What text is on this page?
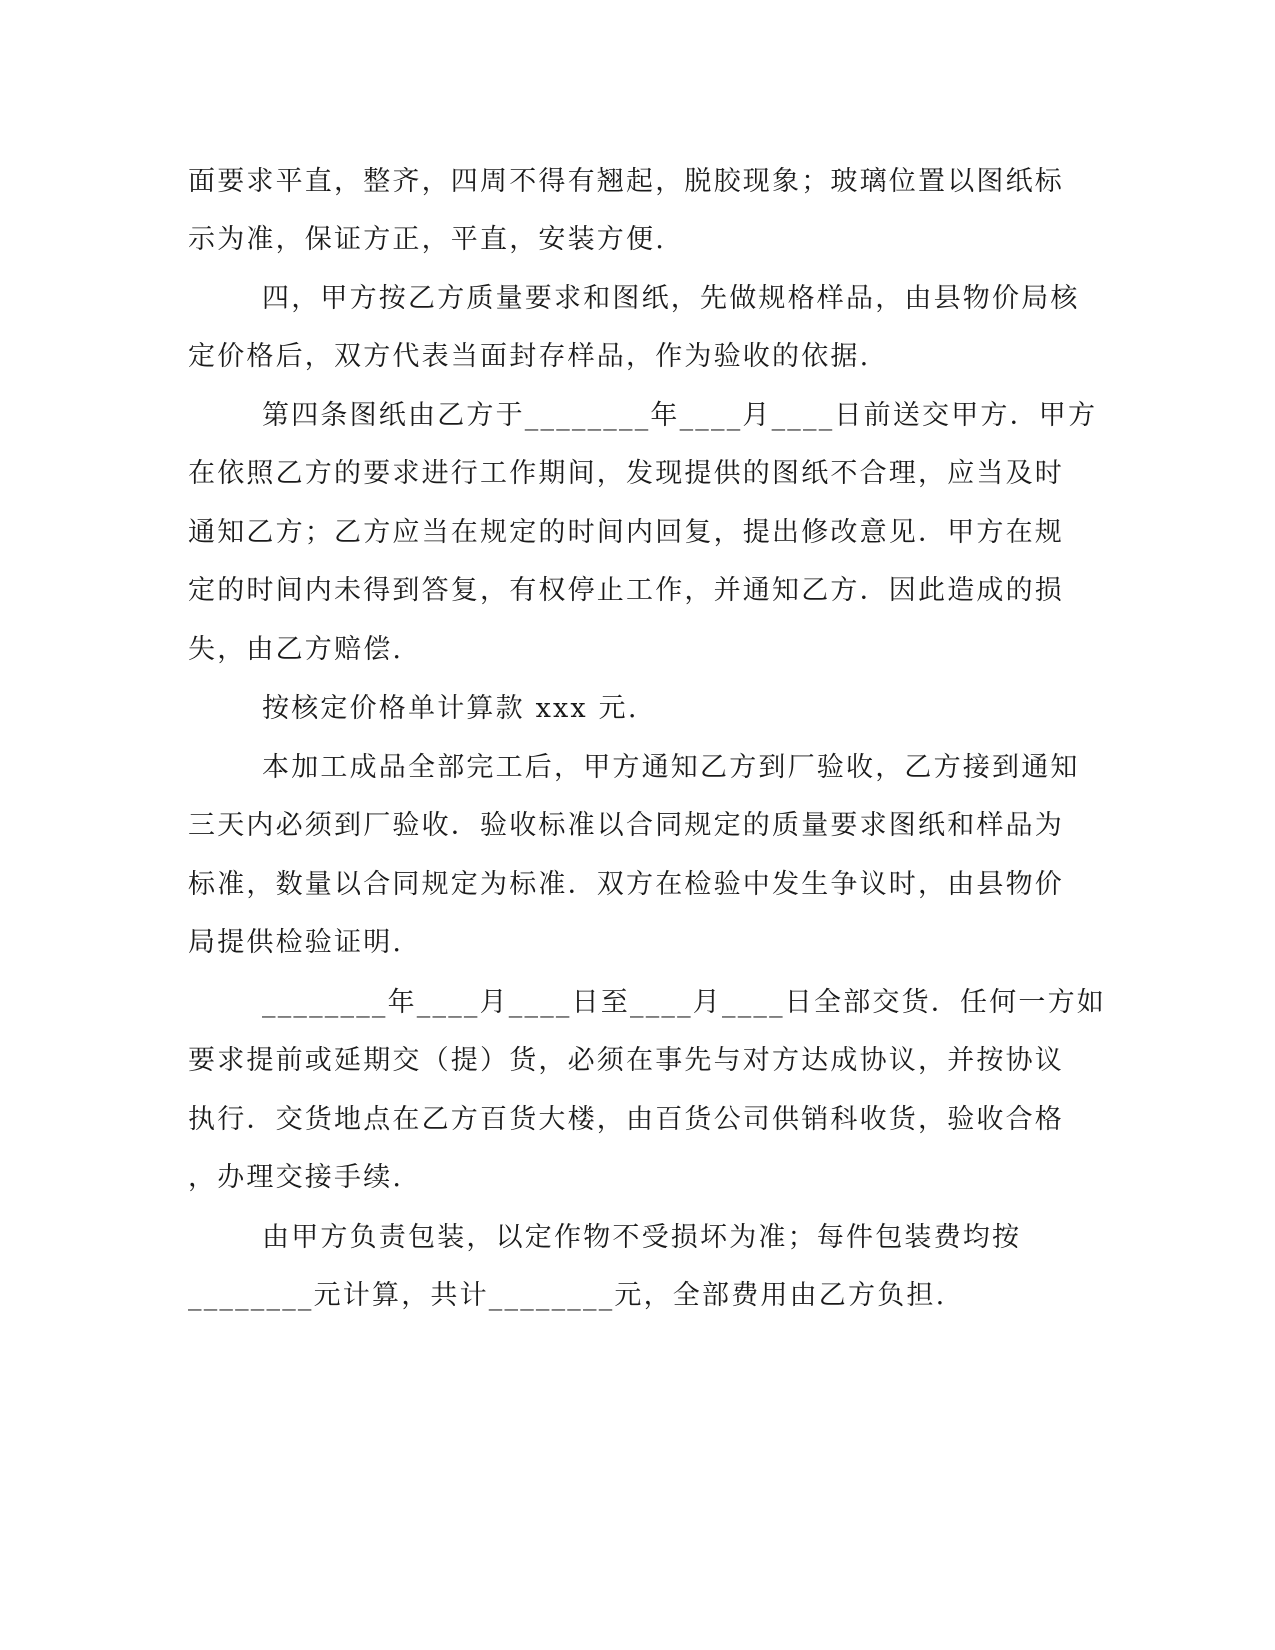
面要求平直，整齐，四周不得有翘起，脱胶现象；玻璃位置以图纸标
示为准，保证方正，平直，安装方便.
四，甲方按乙方质量要求和图纸，先做规格样品，由县物价局核
定价格后，双方代表当面封存样品，作为验收的依据.
第四条图纸由乙方于________年____月____日前送交甲方．甲方
在依照乙方的要求进行工作期间，发现提供的图纸不合理，应当及时
通知乙方；乙方应当在规定的时间内回复，提出修改意见．甲方在规
定的时间内未得到答复，有权停止工作，并通知乙方．因此造成的损
失，由乙方赔偿.
按核定价格单计算款 xxx 元.
本加工成品全部完工后，甲方通知乙方到厂验收，乙方接到通知
三天内必须到厂验收．验收标准以合同规定的质量要求图纸和样品为
标准，数量以合同规定为标准．双方在检验中发生争议时，由县物价
局提供检验证明.
________年____月____日至____月____日全部交货．任何一方如
要求提前或延期交（提）货，必须在事先与对方达成协议，并按协议
执行．交货地点在乙方百货大楼，由百货公司供销科收货，验收合格
，办理交接手续.
由甲方负责包装，以定作物不受损坏为准；每件包装费均按
________元计算，共计________元，全部费用由乙方负担.
